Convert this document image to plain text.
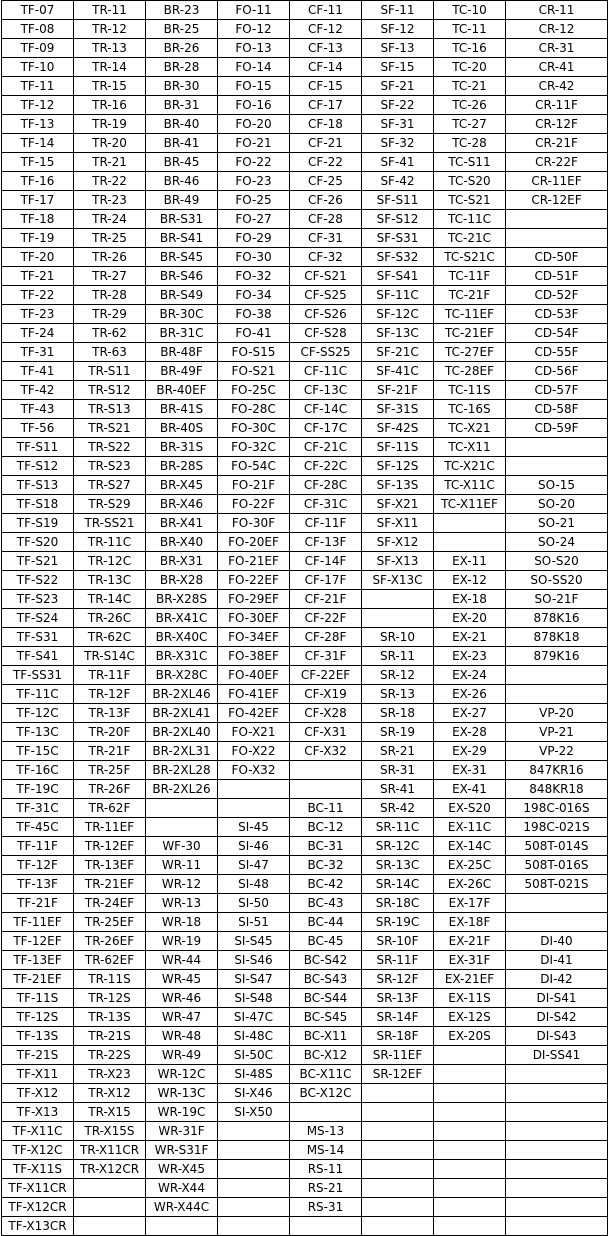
TF-07	TR-11	BR-23	FO-11	CF-11	SF-11	TC-10	CR-11
TF-08	TR-12	BR-25	FO-12	CF-12	SF-12	TC-11	CR-12
TF-09	TR-13	BR-26	FO-13	CF-13	SF-13	TC-16	CR-31
TF-10	TR-14	BR-28	FO-14	CF-14	SF-15	TC-20	CR-41
TF-11	TR-15	BR-30	FO-15	CF-15	SF-21	TC-21	CR-42
TF-12	TR-16	BR-31	FO-16	CF-17	SF-22	TC-26	CR-11F
TF-13	TR-19	BR-40	FO-20	CF-18	SF-31	TC-27	CR-12F
TF-14	TR-20	BR-41	FO-21	CF-21	SF-32	TC-28	CR-21F
TF-15	TR-21	BR-45	FO-22	CF-22	SF-41	TC-S11	CR-22F
TF-16	TR-22	BR-46	FO-23	CF-25	SF-42	TC-S20	CR-11EF
TF-17	TR-23	BR-49	FO-25	CF-26	SF-S11	TC-S21	CR-12EF
TF-18	TR-24	BR-S31	FO-27	CF-28	SF-S12	TC-11C	
TF-19	TR-25	BR-S41	FO-29	CF-31	SF-S31	TC-21C	
TF-20	TR-26	BR-S45	FO-30	CF-32	SF-S32	TC-S21C	CD-50F
TF-21	TR-27	BR-S46	FO-32	CF-S21	SF-S41	TC-11F	CD-51F
TF-22	TR-28	BR-S49	FO-34	CF-S25	SF-11C	TC-21F	CD-52F
TF-23	TR-29	BR-30C	FO-38	CF-S26	SF-12C	TC-11EF	CD-53F
TF-24	TR-62	BR-31C	FO-41	CF-S28	SF-13C	TC-21EF	CD-54F
TF-31	TR-63	BR-48F	FO-S15	CF-SS25	SF-21C	TC-27EF	CD-55F
TF-41	TR-S11	BR-49F	FO-S21	CF-11C	SF-41C	TC-28EF	CD-56F
TF-42	TR-S12	BR-40EF	FO-25C	CF-13C	SF-21F	TC-11S	CD-57F
TF-43	TR-S13	BR-41S	FO-28C	CF-14C	SF-31S	TC-16S	CD-58F
TF-56	TR-S21	BR-40S	FO-30C	CF-17C	SF-42S	TC-X21	CD-59F
TF-S11	TR-S22	BR-31S	FO-32C	CF-21C	SF-11S	TC-X11	
TF-S12	TR-S23	BR-28S	FO-54C	CF-22C	SF-12S	TC-X21C	
TF-S13	TR-S27	BR-X45	FO-21F	CF-28C	SF-13S	TC-X11C	SO-15
TF-S18	TR-S29	BR-X46	FO-22F	CF-31C	SF-X21	TC-X11EF	SO-20
TF-S19	TR-SS21	BR-X41	FO-30F	CF-11F	SF-X11		SO-21
TF-S20	TR-11C	BR-X40	FO-20EF	CF-13F	SF-X12		SO-24
TF-S21	TR-12C	BR-X31	FO-21EF	CF-14F	SF-X13	EX-11	SO-S20
TF-S22	TR-13C	BR-X28	FO-22EF	CF-17F	SF-X13C	EX-12	SO-SS20
TF-S23	TR-14C	BR-X28S	FO-29EF	CF-21F		EX-18	SO-21F
TF-S24	TR-26C	BR-X41C	FO-30EF	CF-22F		EX-20	878K16
TF-S31	TR-62C	BR-X40C	FO-34EF	CF-28F	SR-10	EX-21	878K18
TF-S41	TR-S14C	BR-X31C	FO-38EF	CF-31F	SR-11	EX-23	879K16
TF-SS31	TR-11F	BR-X28C	FO-40EF	CF-22EF	SR-12	EX-24	
TF-11C	TR-12F	BR-2XL46	FO-41EF	CF-X19	SR-13	EX-26	
TF-12C	TR-13F	BR-2XL41	FO-42EF	CF-X28	SR-18	EX-27	VP-20
TF-13C	TR-20F	BR-2XL40	FO-X21	CF-X31	SR-19	EX-28	VP-21
TF-15C	TR-21F	BR-2XL31	FO-X22	CF-X32	SR-21	EX-29	VP-22
TF-16C	TR-25F	BR-2XL28	FO-X32		SR-31	EX-31	847KR16
TF-19C	TR-26F	BR-2XL26			SR-41	EX-41	848KR18
TF-31C	TR-62F			BC-11	SR-42	EX-S20	198C-016S
TF-45C	TR-11EF		SI-45	BC-12	SR-11C	EX-11C	198C-021S
TF-11F	TR-12EF	WF-30	SI-46	BC-31	SR-12C	EX-14C	508T-014S
TF-12F	TR-13EF	WR-11	SI-47	BC-32	SR-13C	EX-25C	508T-016S
TF-13F	TR-21EF	WR-12	SI-48	BC-42	SR-14C	EX-26C	508T-021S
TF-21F	TR-24EF	WR-13	SI-50	BC-43	SR-18C	EX-17F	
TF-11EF	TR-25EF	WR-18	SI-51	BC-44	SR-19C	EX-18F	
TF-12EF	TR-26EF	WR-19	SI-S45	BC-45	SR-10F	EX-21F	DI-40
TF-13EF	TR-62EF	WR-44	SI-S46	BC-S42	SR-11F	EX-31F	DI-41
TF-21EF	TR-11S	WR-45	SI-S47	BC-S43	SR-12F	EX-21EF	DI-42
TF-11S	TR-12S	WR-46	SI-S48	BC-S44	SR-13F	EX-11S	DI-S41
TF-12S	TR-13S	WR-47	SI-47C	BC-S45	SR-14F	EX-12S	DI-S42
TF-13S	TR-21S	WR-48	SI-48C	BC-X11	SR-18F	EX-20S	DI-S43
TF-21S	TR-22S	WR-49	SI-50C	BC-X12	SR-11EF		DI-SS41
TF-X11	TR-X23	WR-12C	SI-48S	BC-X11C	SR-12EF		
TF-X12	TR-X12	WR-13C	SI-X46	BC-X12C			
TF-X13	TR-X15	WR-19C	SI-X50				
TF-X11C	TR-X15S	WR-31F		MS-13			
TF-X12C	TR-X11CR	WR-S31F		MS-14			
TF-X11S	TR-X12CR	WR-X45		RS-11			
TF-X11CR		WR-X44		RS-21			
TF-X12CR		WR-X44C		RS-31			
TF-X13CR							
